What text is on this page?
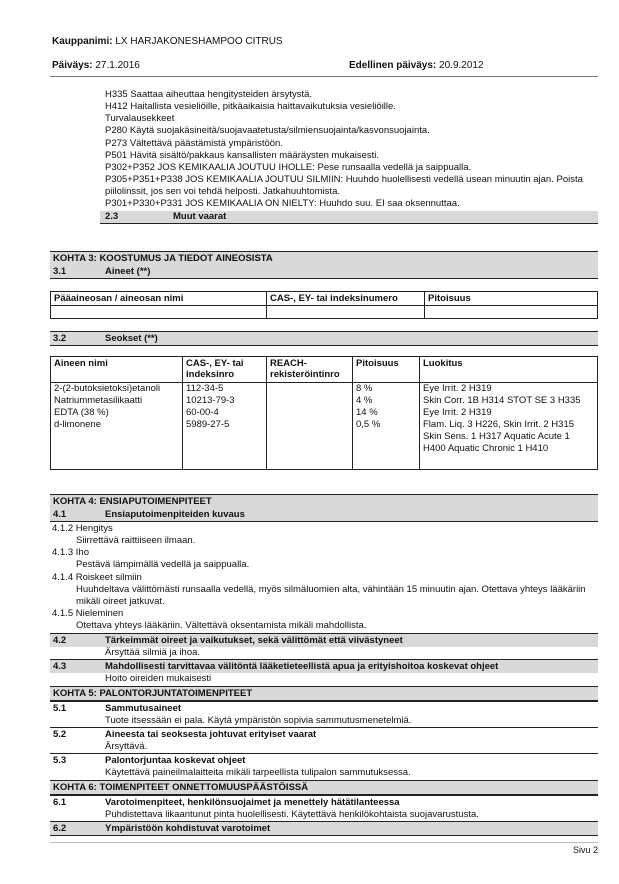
Kauppanimi: LX HARJAKONESHAMPOO CITRUS
Päiväys: 27.1.2016	Edellinen päiväys: 20.9.2012
H335 Saattaa aiheuttaa hengitysteiden ärsytystä.
H412 Haitallista vesieliöille, pitkäaikaisia haittavaikutuksia vesieliöille.
Turvalausekkeet
P280 Käytä suojakäsineitä/suojavaatetusta/silmiensuojainta/kasvonsuojainta.
P273 Vältettävä päästämistä ympäristöön.
P501 Hävitä sisältö/pakkaus kansallisten määräysten mukaisesti.
P302+P352 JOS KEMIKAALIA JOUTUU IHOLLE: Pese runsaalla vedellä ja saippualla.
P305+P351+P338 JOS KEMIKAALIA JOUTUU SILMIIN: Huuhdo huolellisesti vedellä usean minuutin ajan. Poista piilolinssit, jos sen voi tehdä helposti. Jatkahuuhtomista.
P301+P330+P331 JOS KEMIKAALIA ON NIELTY: Huuhdo suu. EI saa oksennuttaa.
2.3	Muut vaarat
KOHTA 3: KOOSTUMUS JA TIEDOT AINEOSISTA
3.1	Aineet (**)
Pääaineosan / aineosan nimi	CAS-, EY- tai indeksinumero	Pitoisuus

3.2	Seokset (**)
Aineen nimi	CAS-, EY- tai indeksinro	REACH-rekisteröintinro	Pitoisuus	Luokitus
2-(2-butoksietoksi)etanoli	112-34-5		8 %	Eye Irrit. 2 H319
Natriummetasilikaatti	10213-79-3		4 %	Skin Corr. 1B H314 STOT SE 3 H335
EDTA (38 %)	60-00-4		14 %	Eye Irrit. 2 H319
d-limonene	5989-27-5		0,5 %	Flam. Liq. 3 H226, Skin Irrit. 2 H315 Skin Sens. 1 H317 Aquatic Acute 1 H400 Aquatic Chronic 1 H410
KOHTA 4: ENSIAPUTOIMENPITEET
4.1	Ensiaputoimenpiteiden kuvaus
4.1.2 Hengitys
Siirrettävä raittiiseen ilmaan.
4.1.3 Iho
Pestävä lämpimällä vedellä ja saippualla.
4.1.4 Roiskeet silmiin
Huuhdeltava välittömästi runsaalla vedellä, myös silmäluomien alta, vähintään 15 minuutin ajan. Otettava yhteys lääkäriin mikäli oireet jatkuvat.
4.1.5 Nieleminen
Otettava yhteys lääkäriin. Vältettävä oksentamista mikäli mahdollista.
4.2	Tärkeimmät oireet ja vaikutukset, sekä välittömät että viivästyneet
Ärsyttää silmiä ja ihoa.
4.3	Mahdollisesti tarvittavaa välitöntä lääketieteellistä apua ja erityishoitoa koskevat ohjeet
Hoito oireiden mukaisesti
KOHTA 5: PALONTORJUNTATOIMENPITEET
5.1	Sammutusaineet
Tuote itsessään ei pala. Käytä ympäristön sopivia sammutusmenetelmiä.
5.2	Aineesta tai seoksesta johtuvat erityiset vaarat
Ärsyttävä.
5.3	Palontorjuntaa koskevat ohjeet
Käytettävä paineilmalaitteita mikäli tarpeellista tulipalon sammutuksessa.
KOHTA 6: TOIMENPITEET ONNETTOMUUSPÄÄSTÖISSÄ
6.1	Varotoimenpiteet, henkilönsuojaimet ja menettely hätätilanteessa
Puhdistettava likaantunut pinta huolellisesti. Käytettävä henkilökohtaista suojavarustusta.
6.2	Ympäristöön kohdistuvat varotoimet
Sivu 2
